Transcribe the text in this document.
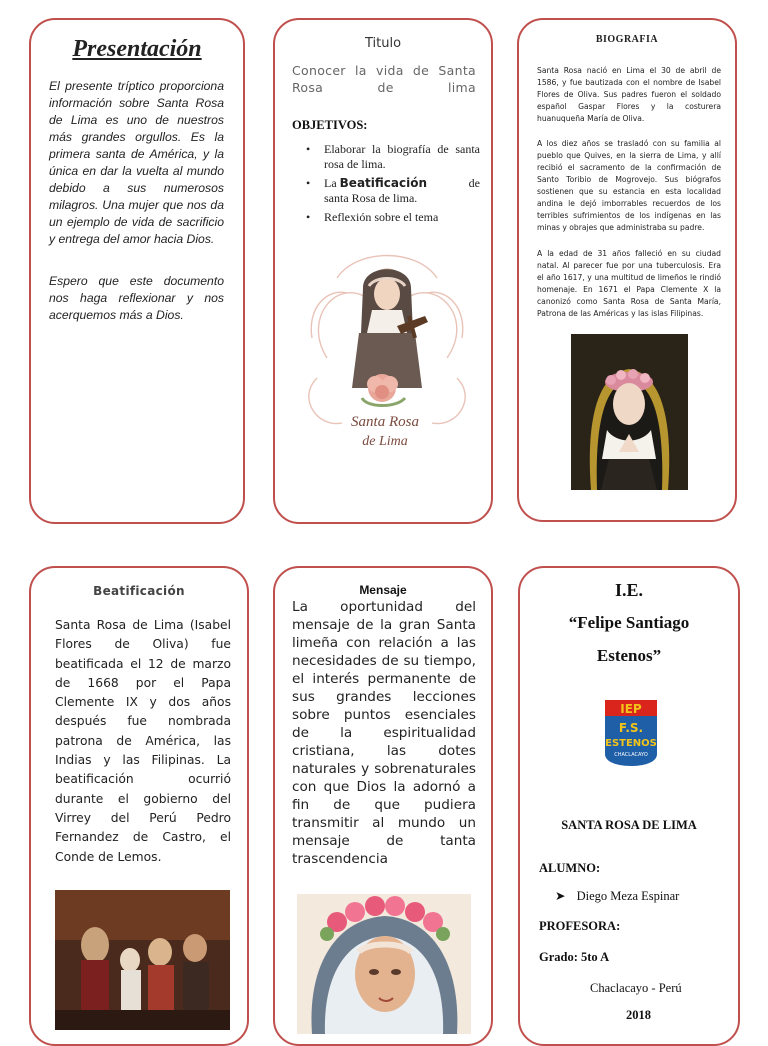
Presentación

El presente tríptico proporciona información sobre Santa Rosa de Lima es uno de nuestros más grandes orgullos. Es la primera santa de América, y la única en dar la vuelta al mundo debido a sus numerosos milagros. Una mujer que nos da un ejemplo de vida de sacrificio y entrega del amor hacia Dios.

Espero que este documento nos haga reflexionar y nos acerquemos más a Dios.

Titulo
Conocer la vida de Santa Rosa de lima
OBJETIVOS:
• Elaborar la biografía de santa rosa de lima.
• La Beatificación	de

santa Rosa de lima.
• Reflexión sobre el tema
Santa Rosa
de Lima
BIOGRAFIA

Santa Rosa nació en Lima el 30 de abril de 1586, y fue bautizada con el nombre de Isabel Flores de Oliva. Sus padres fueron el soldado español Gaspar Flores y la costurera huanuqueña María de Oliva.

A los diez años se trasladó con su familia al pueblo que Quives, en la sierra de Lima, y allí recibió el sacramento de la confirmación de Santo Toribio de Mogrovejo. Sus biógrafos sostienen que su estancia en esta localidad andina le dejó imborrables recuerdos de los terribles sufrimientos de los indígenas en las minas y obrajes que administraba su padre.

A la edad de 31 años falleció en su ciudad natal. Al parecer fue por una tuberculosis. Era el año 1617, y una multitud de limeños le rindió homenaje. En 1671 el Papa Clemente X la canonizó como Santa Rosa de Santa María, Patrona de las Américas y las islas Filipinas.

Beatificación

Santa Rosa de Lima (Isabel Flores de Oliva) fue beatificada el 12 de marzo de 1668 por el Papa Clemente IX y dos años después fue nombrada patrona de América, las Indias y las Filipinas. La beatificación ocurrió durante el gobierno del Virrey del Perú Pedro Fernandez de Castro, el Conde de Lemos.

Mensaje

La oportunidad del mensaje de la gran Santa limeña con relación a las necesidades de su tiempo, el interés permanente de sus grandes lecciones sobre puntos esenciales de la espiritualidad cristiana, las dotes naturales y sobrenaturales con que Dios la adornó a fin de que pudiera transmitir al mundo un mensaje de tanta trascendencia

I.E.
“Felipe Santiago
Estenos”
IEP
F.S.
ESTENOS
CHACLACAYO
SANTA ROSA DE LIMA
ALUMNO:
➤ Diego Meza Espinar
PROFESORA:
Grado: 5to A
Chaclacayo - Perú
2018
